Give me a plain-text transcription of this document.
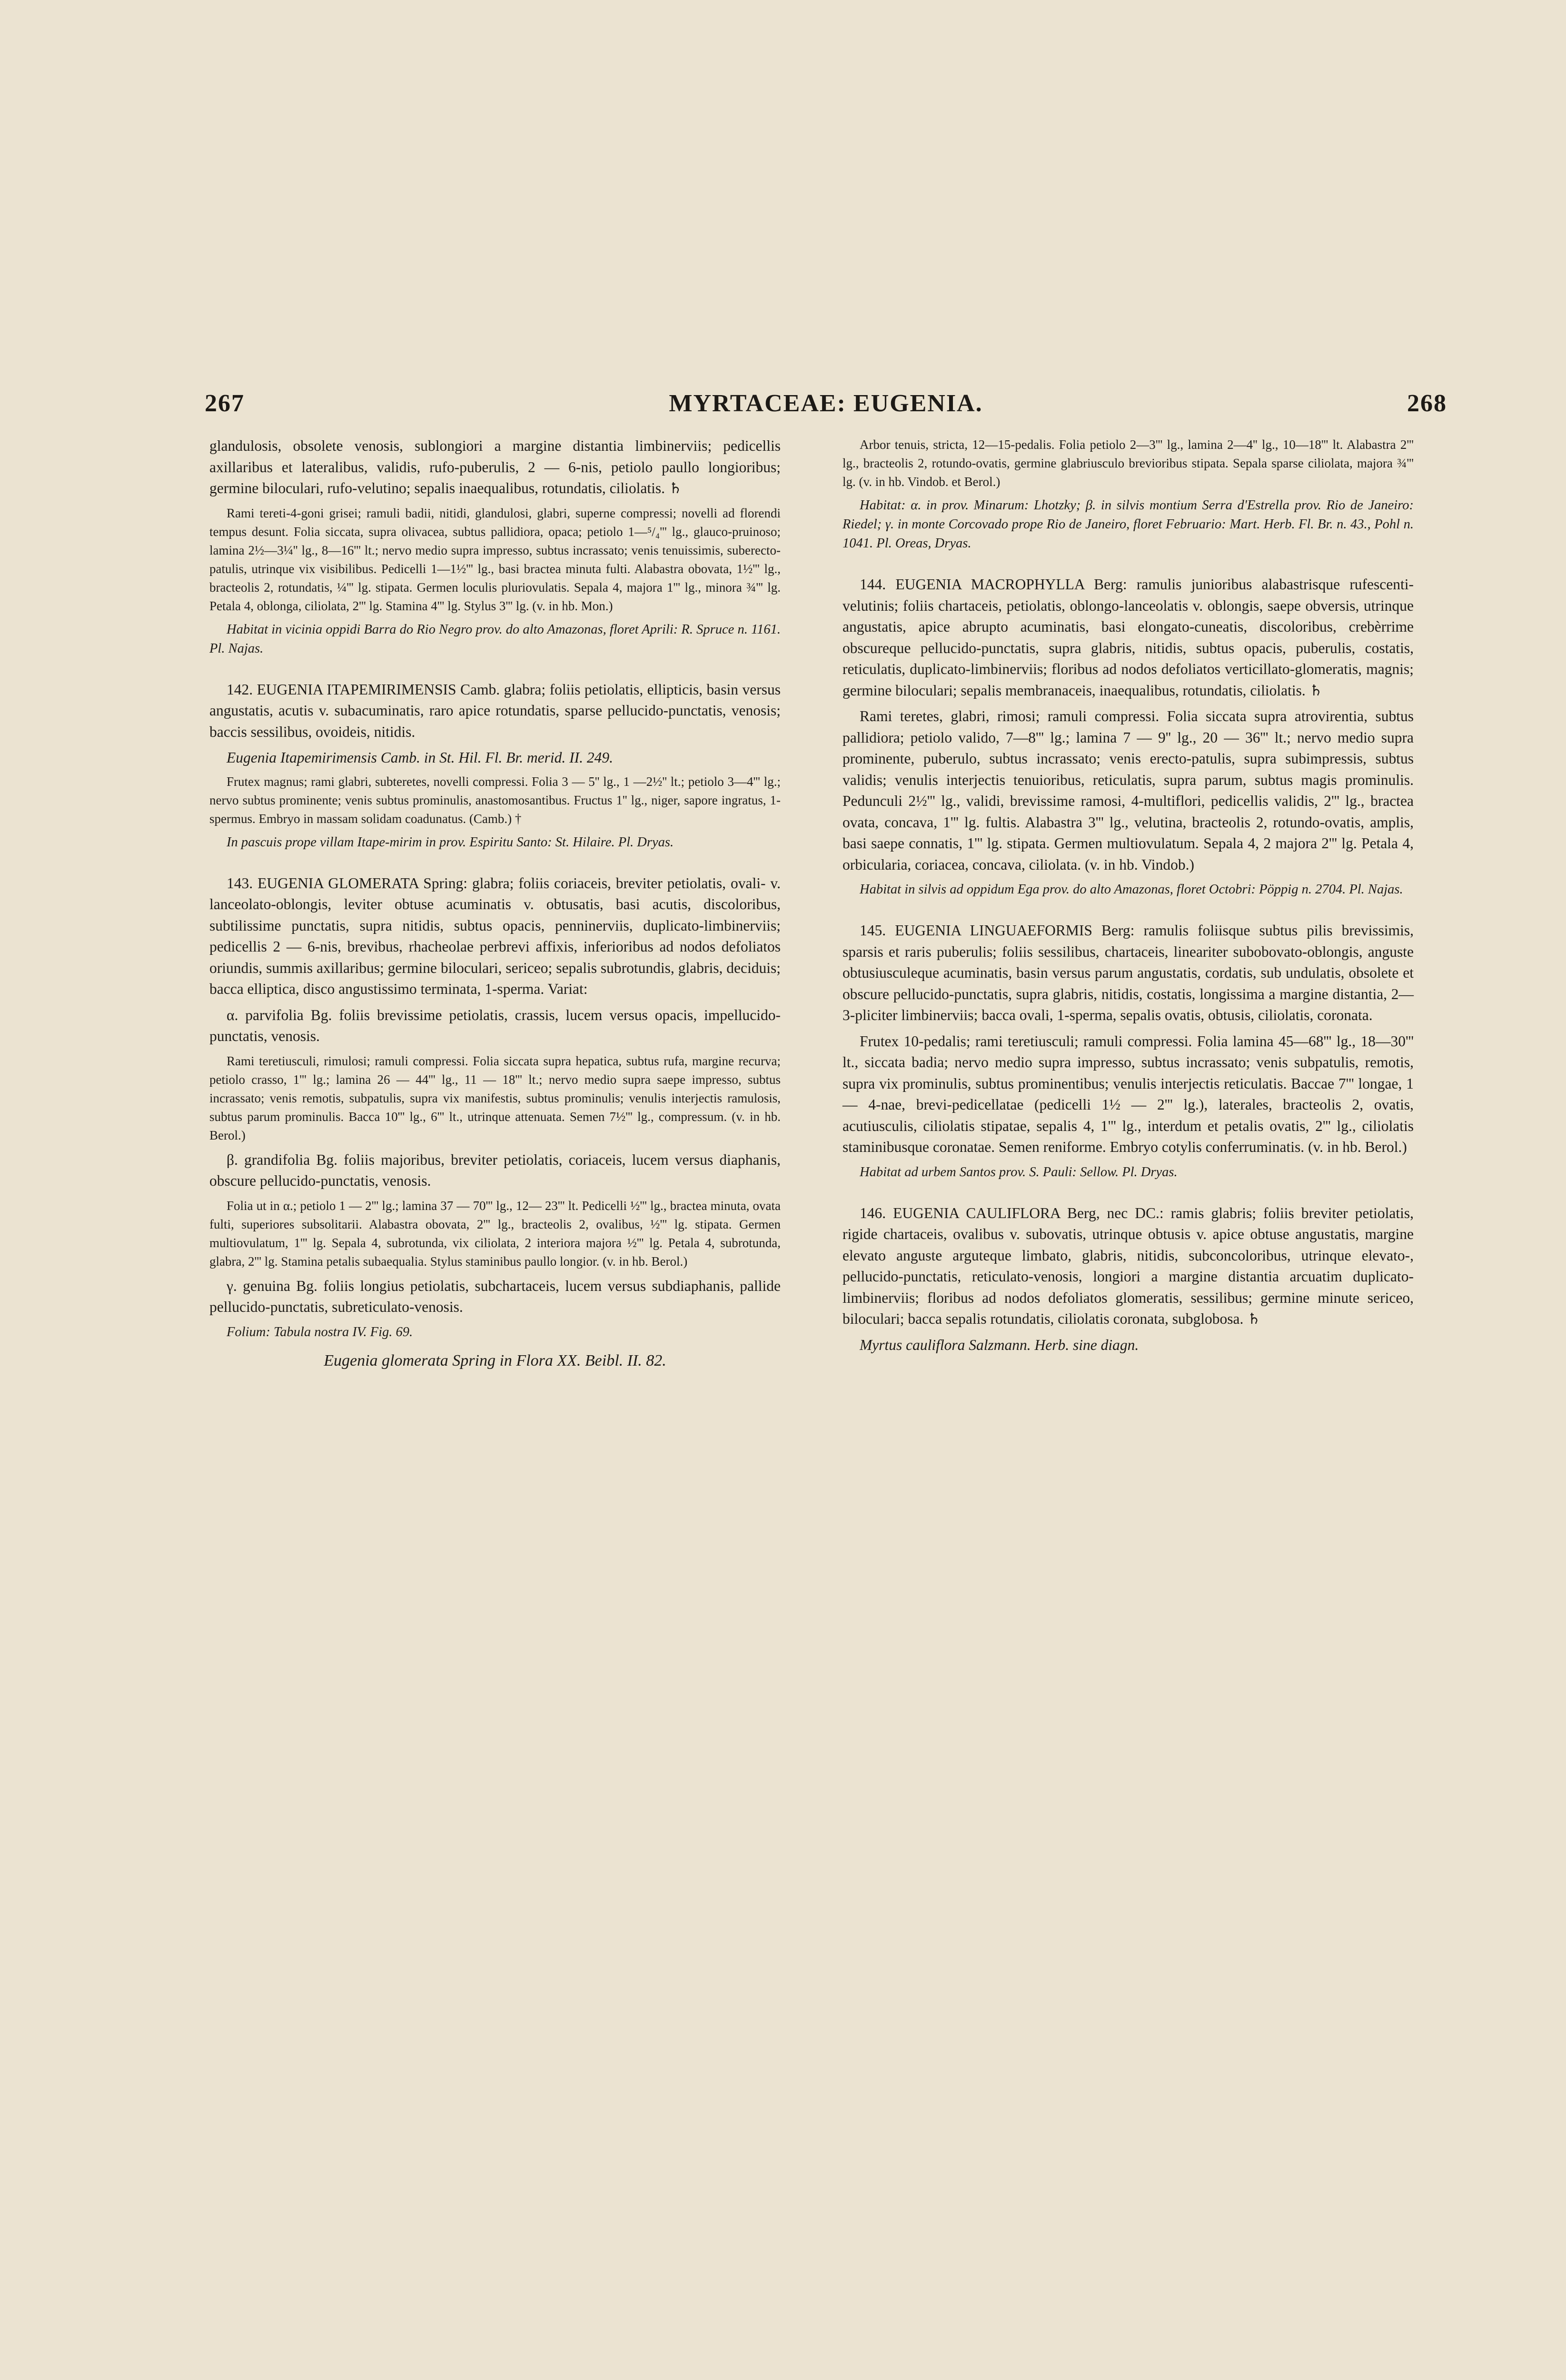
267	MYRTACEAE: EUGENIA.	268

glandulosis, obsolete venosis, sublongiori a margine distantia limbinerviis; pedicellis axillaribus et lateralibus, validis, rufo-puberulis, 2 — 6-nis, petiolo paullo longioribus; germine biloculari, rufo-velutino; sepalis inaequalibus, rotundatis, ciliolatis. ♄

Rami tereti-4-goni grisei; ramuli badii, nitidi, glandulosi, glabri, superne compressi; novelli ad florendi tempus desunt. Folia siccata, supra olivacea, subtus pallidiora, opaca; petiolo 1—⁵/₄''' lg., glauco-pruinoso; lamina 2½—3¼'' lg., 8—16''' lt.; nervo medio supra impresso, subtus incrassato; venis tenuissimis, suberecto-patulis, utrinque vix visibilibus. Pedicelli 1—1½''' lg., basi bractea minuta fulti. Alabastra obovata, 1½''' lg., bracteolis 2, rotundatis, ¼''' lg. stipata. Germen loculis pluriovulatis. Sepala 4, majora 1''' lg., minora ¾''' lg. Petala 4, oblonga, ciliolata, 2''' lg. Stamina 4''' lg. Stylus 3''' lg. (v. in hb. Mon.)

Habitat in vicinia oppidi Barra do Rio Negro prov. do alto Amazonas, floret Aprili: R. Spruce n. 1161. Pl. Najas.

142. EUGENIA ITAPEMIRIMENSIS Camb. glabra; foliis petiolatis, ellipticis, basin versus angustatis, acutis v. subacuminatis, raro apice rotundatis, sparse pellucido-punctatis, venosis; baccis sessilibus, ovoideis, nitidis.

Eugenia Itapemirimensis Camb. in St. Hil. Fl. Br. merid. II. 249.

Frutex magnus; rami glabri, subteretes, novelli compressi. Folia 3 — 5'' lg., 1 —2½'' lt.; petiolo 3—4''' lg.; nervo subtus prominente; venis subtus prominulis, anastomosantibus. Fructus 1'' lg., niger, sapore ingratus, 1-spermus. Embryo in massam solidam coadunatus. (Camb.) †

In pascuis prope villam Itape-mirim in prov. Espiritu Santo: St. Hilaire. Pl. Dryas.

143. EUGENIA GLOMERATA Spring: glabra; foliis coriaceis, breviter petiolatis, ovali- v. lanceolato-oblongis, leviter obtuse acuminatis v. obtusatis, basi acutis, discoloribus, subtilissime punctatis, supra nitidis, subtus opacis, penninerviis, duplicato-limbinerviis; pedicellis 2 — 6-nis, brevibus, rhacheolae perbrevi affixis, inferioribus ad nodos defoliatos oriundis, summis axillaribus; germine biloculari, sericeo; sepalis subrotundis, glabris, deciduis; bacca elliptica, disco angustissimo terminata, 1-sperma. Variat:

α. parvifolia Bg. foliis brevissime petiolatis, crassis, lucem versus opacis, impellucido-punctatis, venosis.

Rami teretiusculi, rimulosi; ramuli compressi. Folia siccata supra hepatica, subtus rufa, margine recurva; petiolo crasso, 1''' lg.; lamina 26 — 44''' lg., 11 — 18''' lt.; nervo medio supra saepe impresso, subtus incrassato; venis remotis, subpatulis, supra vix manifestis, subtus prominulis; venulis interjectis ramulosis, subtus parum prominulis. Bacca 10''' lg., 6''' lt., utrinque attenuata. Semen 7½''' lg., compressum. (v. in hb. Berol.)

β. grandifolia Bg. foliis majoribus, breviter petiolatis, coriaceis, lucem versus diaphanis, obscure pellucido-punctatis, venosis.

Folia ut in α.; petiolo 1 — 2''' lg.; lamina 37 — 70''' lg., 12— 23''' lt. Pedicelli ½''' lg., bractea minuta, ovata fulti, superiores subsolitarii. Alabastra obovata, 2''' lg., bracteolis 2, ovalibus, ½''' lg. stipata. Germen multiovulatum, 1''' lg. Sepala 4, subrotunda, vix ciliolata, 2 interiora majora ½''' lg. Petala 4, subrotunda, glabra, 2''' lg. Stamina petalis subaequalia. Stylus staminibus paullo longior. (v. in hb. Berol.)

γ. genuina Bg. foliis longius petiolatis, subchartaceis, lucem versus subdiaphanis, pallide pellucido-punctatis, subreticulato-venosis.

Folium: Tabula nostra IV. Fig. 69.

Eugenia glomerata Spring in Flora XX. Beibl. II. 82.

Arbor tenuis, stricta, 12—15-pedalis. Folia petiolo 2—3''' lg., lamina 2—4'' lg., 10—18''' lt. Alabastra 2''' lg., bracteolis 2, rotundo-ovatis, germine glabriusculo brevioribus stipata. Sepala sparse ciliolata, majora ¾''' lg. (v. in hb. Vindob. et Berol.)

Habitat: α. in prov. Minarum: Lhotzky; β. in silvis montium Serra d'Estrella prov. Rio de Janeiro: Riedel; γ. in monte Corcovado prope Rio de Janeiro, floret Februario: Mart. Herb. Fl. Br. n. 43., Pohl n. 1041. Pl. Oreas, Dryas.

144. EUGENIA MACROPHYLLA Berg: ramulis junioribus alabastrisque rufescenti-velutinis; foliis chartaceis, petiolatis, oblongo-lanceolatis v. oblongis, saepe obversis, utrinque angustatis, apice abrupto acuminatis, basi elongato-cuneatis, discoloribus, crebèrrime obscureque pellucido-punctatis, supra glabris, nitidis, subtus opacis, puberulis, costatis, reticulatis, duplicato-limbinerviis; floribus ad nodos defoliatos verticillato-glomeratis, magnis; germine biloculari; sepalis membranaceis, inaequalibus, rotundatis, ciliolatis. ♄

Rami teretes, glabri, rimosi; ramuli compressi. Folia siccata supra atrovirentia, subtus pallidiora; petiolo valido, 7—8''' lg.; lamina 7 — 9'' lg., 20 — 36''' lt.; nervo medio supra prominente, puberulo, subtus incrassato; venis erecto-patulis, supra subimpressis, subtus validis; venulis interjectis tenuioribus, reticulatis, supra parum, subtus magis prominulis. Pedunculi 2½''' lg., validi, brevissime ramosi, 4-multiflori, pedicellis validis, 2''' lg., bractea ovata, concava, 1''' lg. fultis. Alabastra 3''' lg., velutina, bracteolis 2, rotundo-ovatis, amplis, basi saepe connatis, 1''' lg. stipata. Germen multiovulatum. Sepala 4, 2 majora 2''' lg. Petala 4, orbicularia, coriacea, concava, ciliolata. (v. in hb. Vindob.)

Habitat in silvis ad oppidum Ega prov. do alto Amazonas, floret Octobri: Pöppig n. 2704. Pl. Najas.

145. EUGENIA LINGUAEFORMIS Berg: ramulis foliisque subtus pilis brevissimis, sparsis et raris puberulis; foliis sessilibus, chartaceis, lineariter subobovato-oblongis, anguste obtusiusculeque acuminatis, basin versus parum angustatis, cordatis, sub undulatis, obsolete et obscure pellucido-punctatis, supra glabris, nitidis, costatis, longissima a margine distantia, 2—3-pliciter limbinerviis; bacca ovali, 1-sperma, sepalis ovatis, obtusis, ciliolatis, coronata.

Frutex 10-pedalis; rami teretiusculi; ramuli compressi. Folia lamina 45—68''' lg., 18—30''' lt., siccata badia; nervo medio supra impresso, subtus incrassato; venis subpatulis, remotis, supra vix prominulis, subtus prominentibus; venulis interjectis reticulatis. Baccae 7''' longae, 1 — 4-nae, brevi-pedicellatae (pedicelli 1½ — 2''' lg.), laterales, bracteolis 2, ovatis, acutiusculis, ciliolatis stipatae, sepalis 4, 1''' lg., interdum et petalis ovatis, 2''' lg., ciliolatis staminibusque coronatae. Semen reniforme. Embryo cotylis conferruminatis. (v. in hb. Berol.)

Habitat ad urbem Santos prov. S. Pauli: Sellow. Pl. Dryas.

146. EUGENIA CAULIFLORA Berg, nec DC.: ramis glabris; foliis breviter petiolatis, rigide chartaceis, ovalibus v. subovatis, utrinque obtusis v. apice obtuse angustatis, margine elevato anguste arguteque limbato, glabris, nitidis, subconcoloribus, utrinque elevato-, pellucido-punctatis, reticulato-venosis, longiori a margine distantia arcuatim duplicato-limbinerviis; floribus ad nodos defoliatos glomeratis, sessilibus; germine minute sericeo, biloculari; bacca sepalis rotundatis, ciliolatis coronata, subglobosa. ♄

Myrtus cauliflora Salzmann. Herb. sine diagn.
